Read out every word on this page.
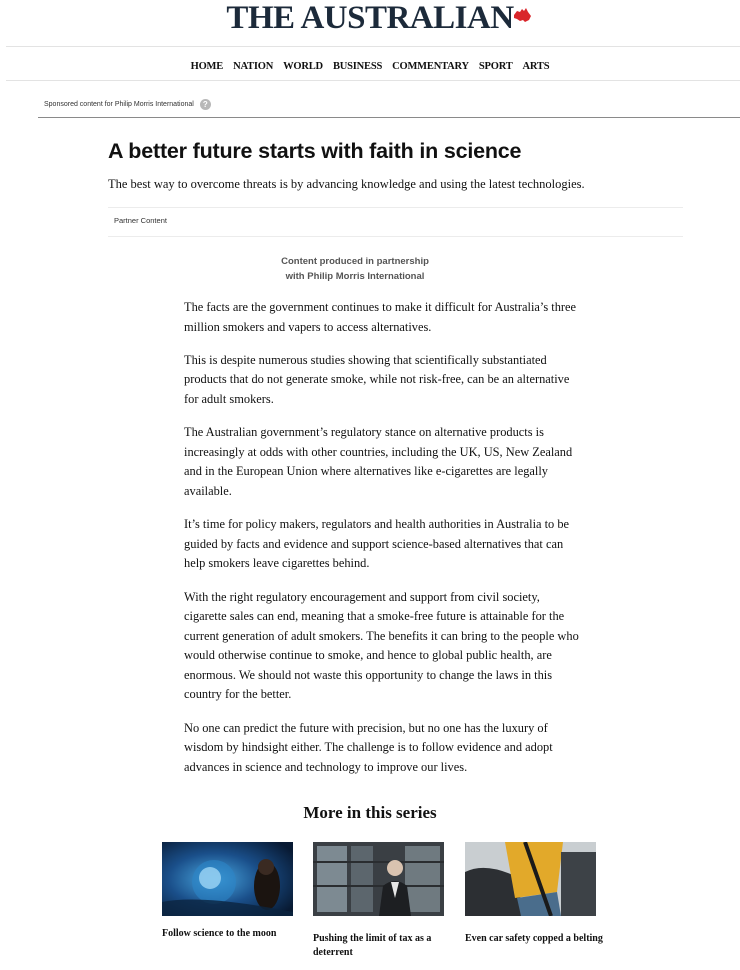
THE AUSTRALIAN
HOME NATION WORLD BUSINESS COMMENTARY SPORT ARTS
Sponsored content for Philip Morris International	?
A better future starts with faith in science

The best way to overcome threats is by advancing knowledge and using the latest technologies.

Partner Content
Content produced in partnership
with Philip Morris International

The facts are the government continues to make it difficult for Australia’s three million smokers and vapers to access alternatives.

This is despite numerous studies showing that scientifically substantiated products that do not generate smoke, while not risk-free, can be an alternative for adult smokers.

The Australian government’s regulatory stance on alternative products is increasingly at odds with other countries, including the UK, US, New Zealand and in the European Union where alternatives like e-cigarettes are legally available.

It’s time for policy makers, regulators and health authorities in Australia to be guided by facts and evidence and support science-based alternatives that can help smokers leave cigarettes behind.

With the right regulatory encouragement and support from civil society, cigarette sales can end, meaning that a smoke-free future is attainable for the current generation of adult smokers. The benefits it can bring to the people who would otherwise continue to smoke, and hence to global public health, are enormous. We should not waste this opportunity to change the laws in this country for the better.

No one can predict the future with precision, but no one has the luxury of wisdom by hindsight either. The challenge is to follow evidence and adopt advances in science and technology to improve our lives.

More in this series
Follow science to the moon	Pushing the limit of tax as a deterrent
Even car safety copped a belting
